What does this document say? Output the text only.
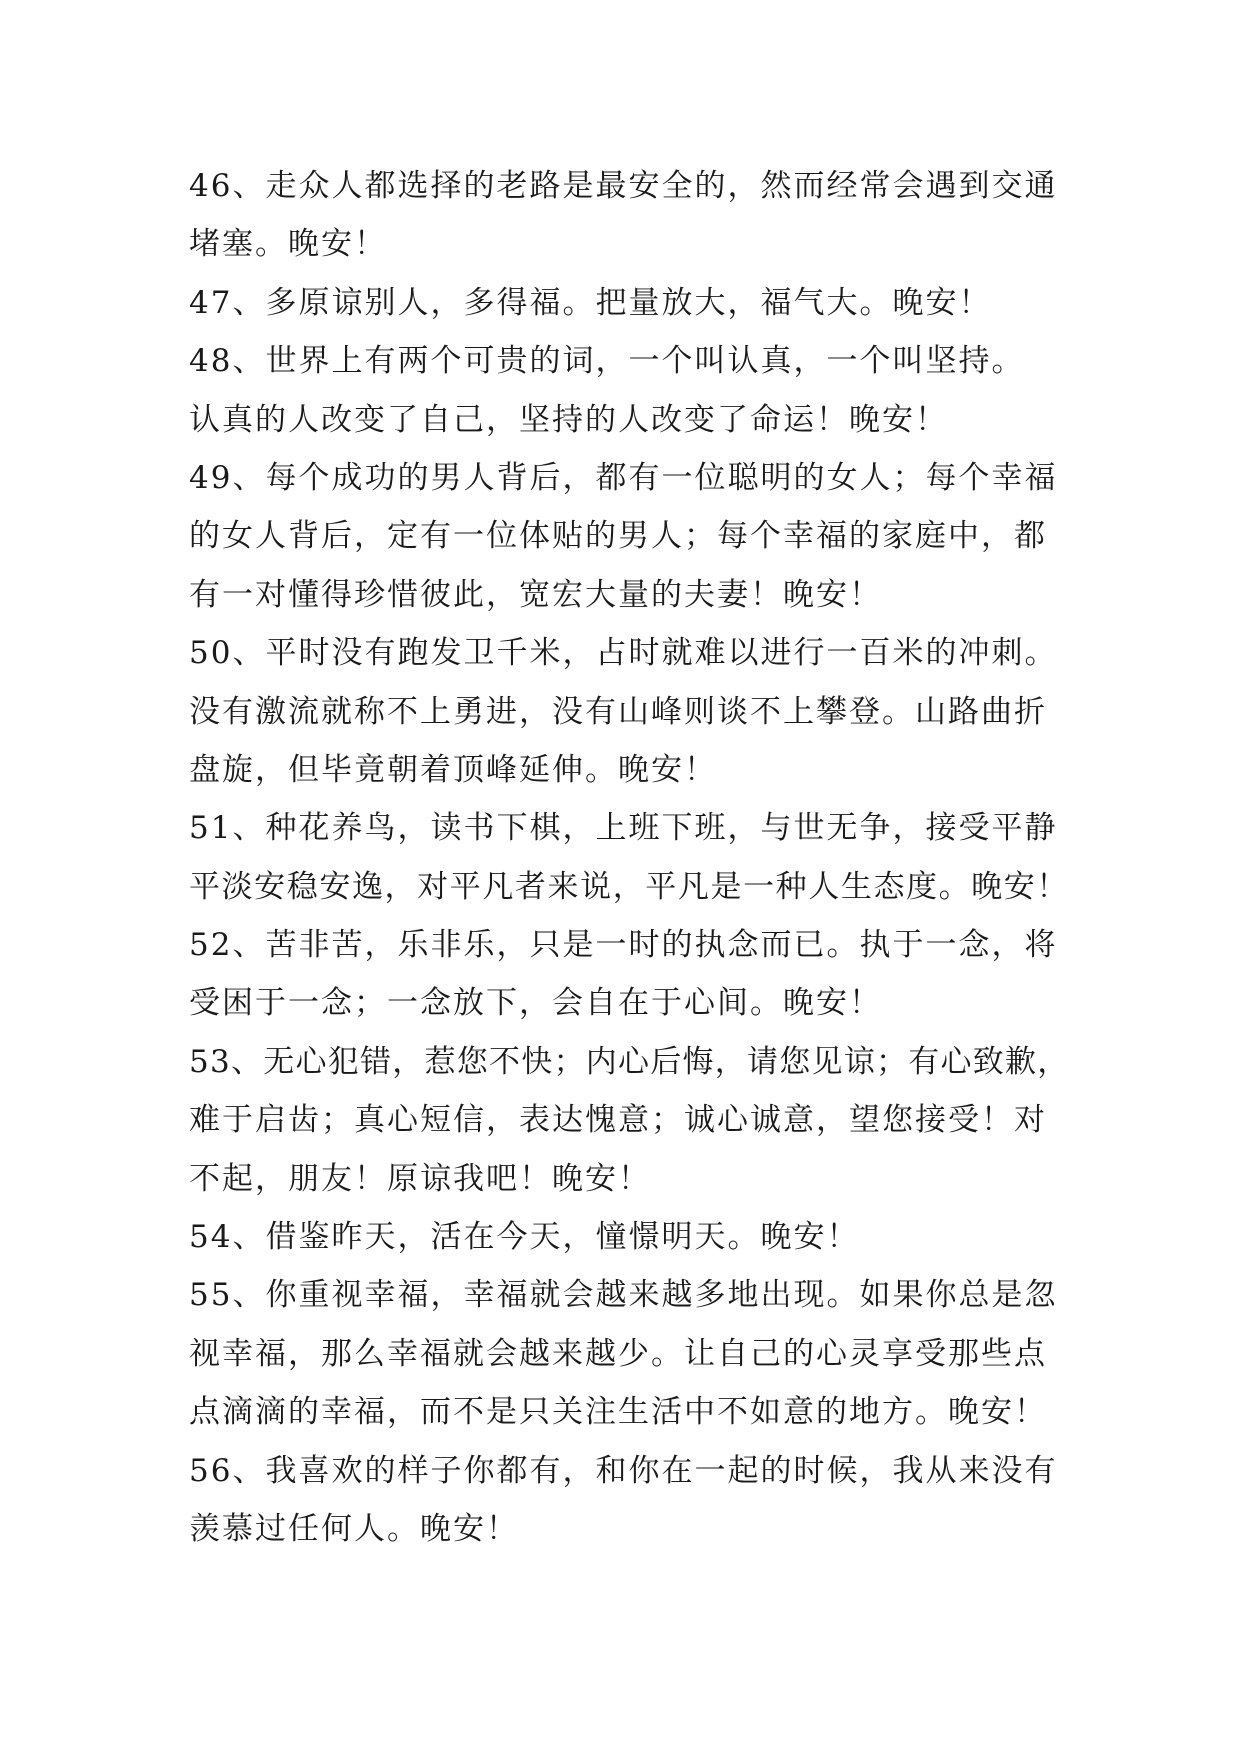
46、走众人都选择的老路是最安全的，然而经常会遇到交通
堵塞。晚安！
47、多原谅别人，多得福。把量放大，福气大。晚安！
48、世界上有两个可贵的词，一个叫认真，一个叫坚持。
认真的人改变了自己，坚持的人改变了命运！晚安！
49、每个成功的男人背后，都有一位聪明的女人；每个幸福
的女人背后，定有一位体贴的男人；每个幸福的家庭中，都
有一对懂得珍惜彼此，宽宏大量的夫妻！晚安！
50、平时没有跑发卫千米，占时就难以进行一百米的冲刺。
没有激流就称不上勇进，没有山峰则谈不上攀登。山路曲折
盘旋，但毕竟朝着顶峰延伸。晚安！
51、种花养鸟，读书下棋，上班下班，与世无争，接受平静
平淡安稳安逸，对平凡者来说，平凡是一种人生态度。晚安！
52、苦非苦，乐非乐，只是一时的执念而已。执于一念，将
受困于一念；一念放下，会自在于心间。晚安！
53、无心犯错，惹您不快；内心后悔，请您见谅；有心致歉，
难于启齿；真心短信，表达愧意；诚心诚意，望您接受！对
不起，朋友！原谅我吧！晚安！
54、借鉴昨天，活在今天，憧憬明天。晚安！
55、你重视幸福，幸福就会越来越多地出现。如果你总是忽
视幸福，那么幸福就会越来越少。让自己的心灵享受那些点
点滴滴的幸福，而不是只关注生活中不如意的地方。晚安！
56、我喜欢的样子你都有，和你在一起的时候，我从来没有
羡慕过任何人。晚安！
